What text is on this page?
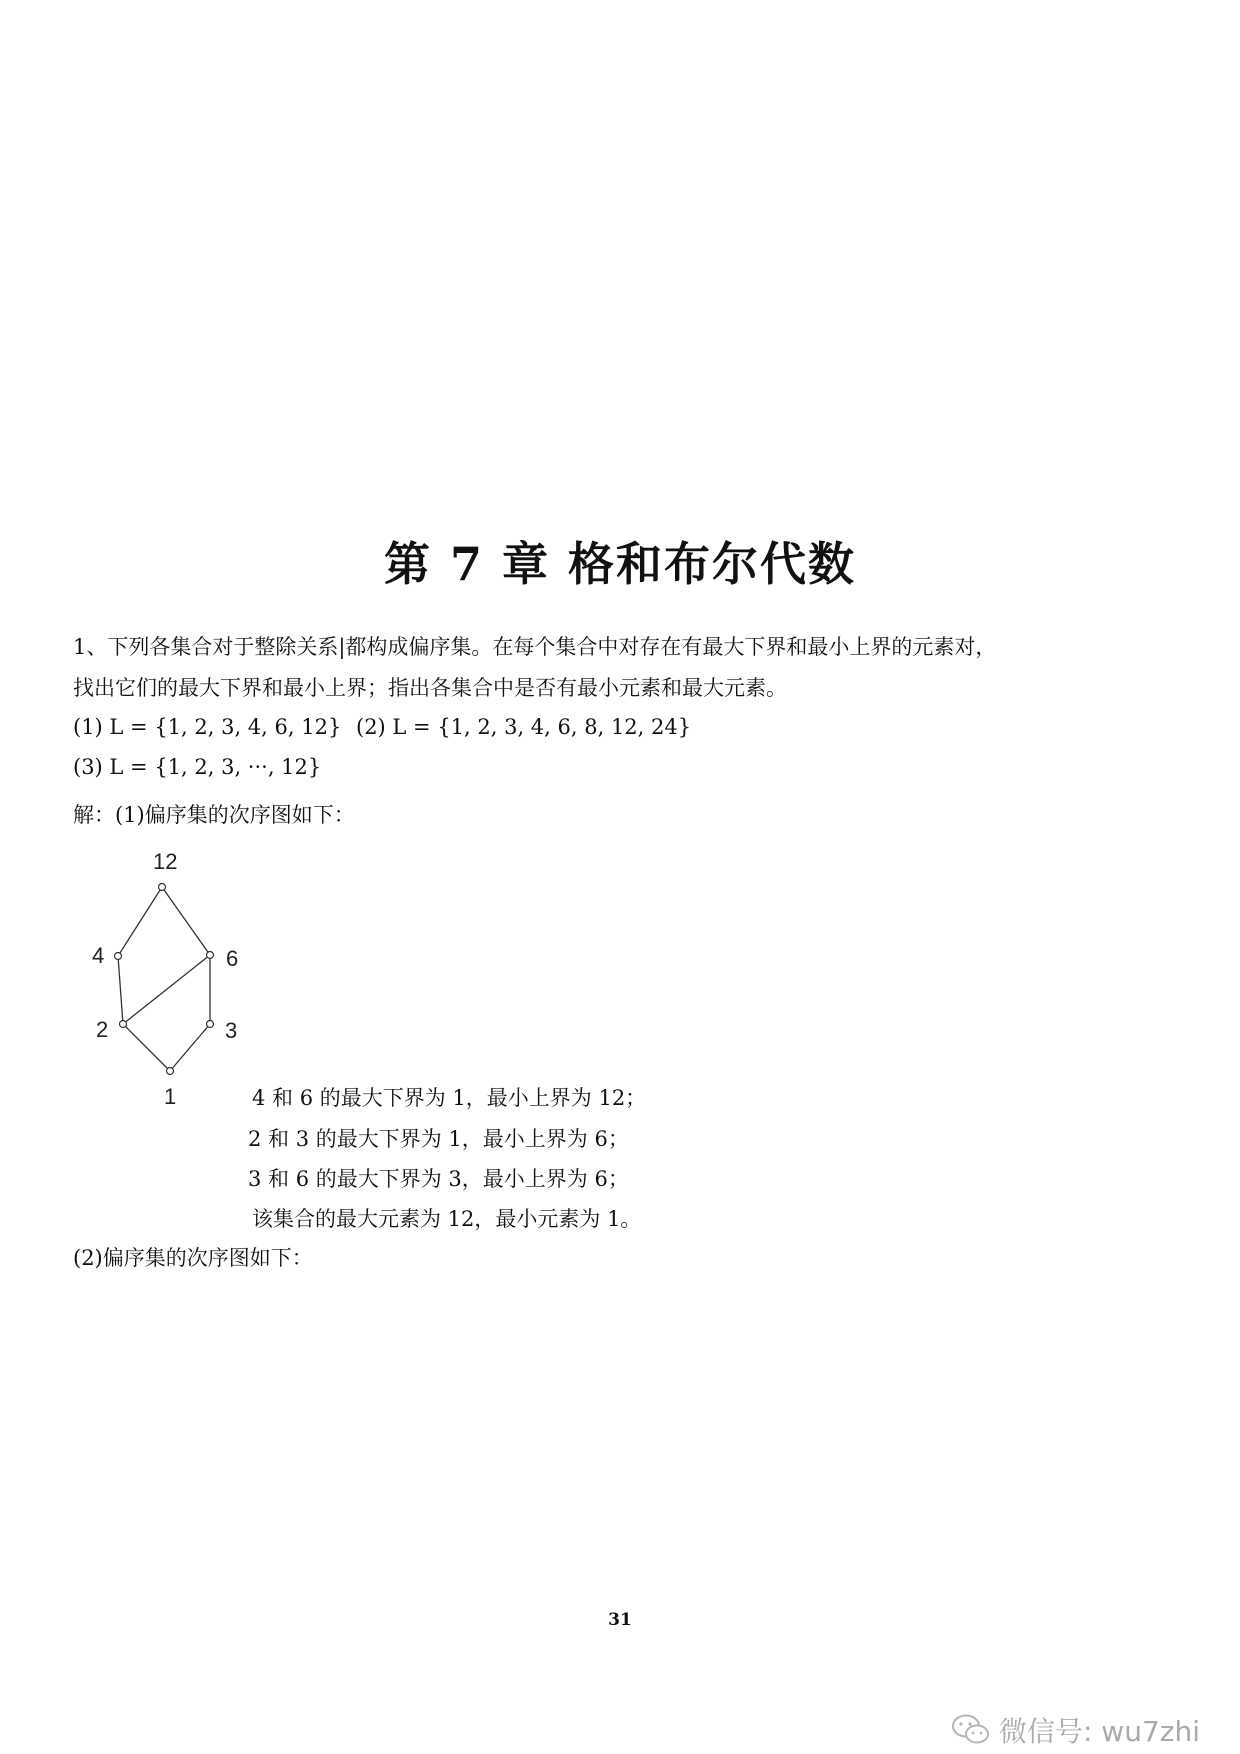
第 7 章 格和布尔代数
1、下列各集合对于整除关系|都构成偏序集。在每个集合中对存在有最大下界和最小上界的元素对，
找出它们的最大下界和最小上界；指出各集合中是否有最小元素和最大元素。
(1) L = {1, 2, 3, 4, 6, 12} (2) L = {1, 2, 3, 4, 6, 8, 12, 24}
(3) L = {1, 2, 3, ···, 12}
解：(1)偏序集的次序图如下：
12
4	6
2	3
1	4 和 6 的最大下界为 1，最小上界为 12；
2 和 3 的最大下界为 1，最小上界为 6；
3 和 6 的最大下界为 3，最小上界为 6；
该集合的最大元素为 12，最小元素为 1。
(2)偏序集的次序图如下：
31
微信号: wu7zhi
